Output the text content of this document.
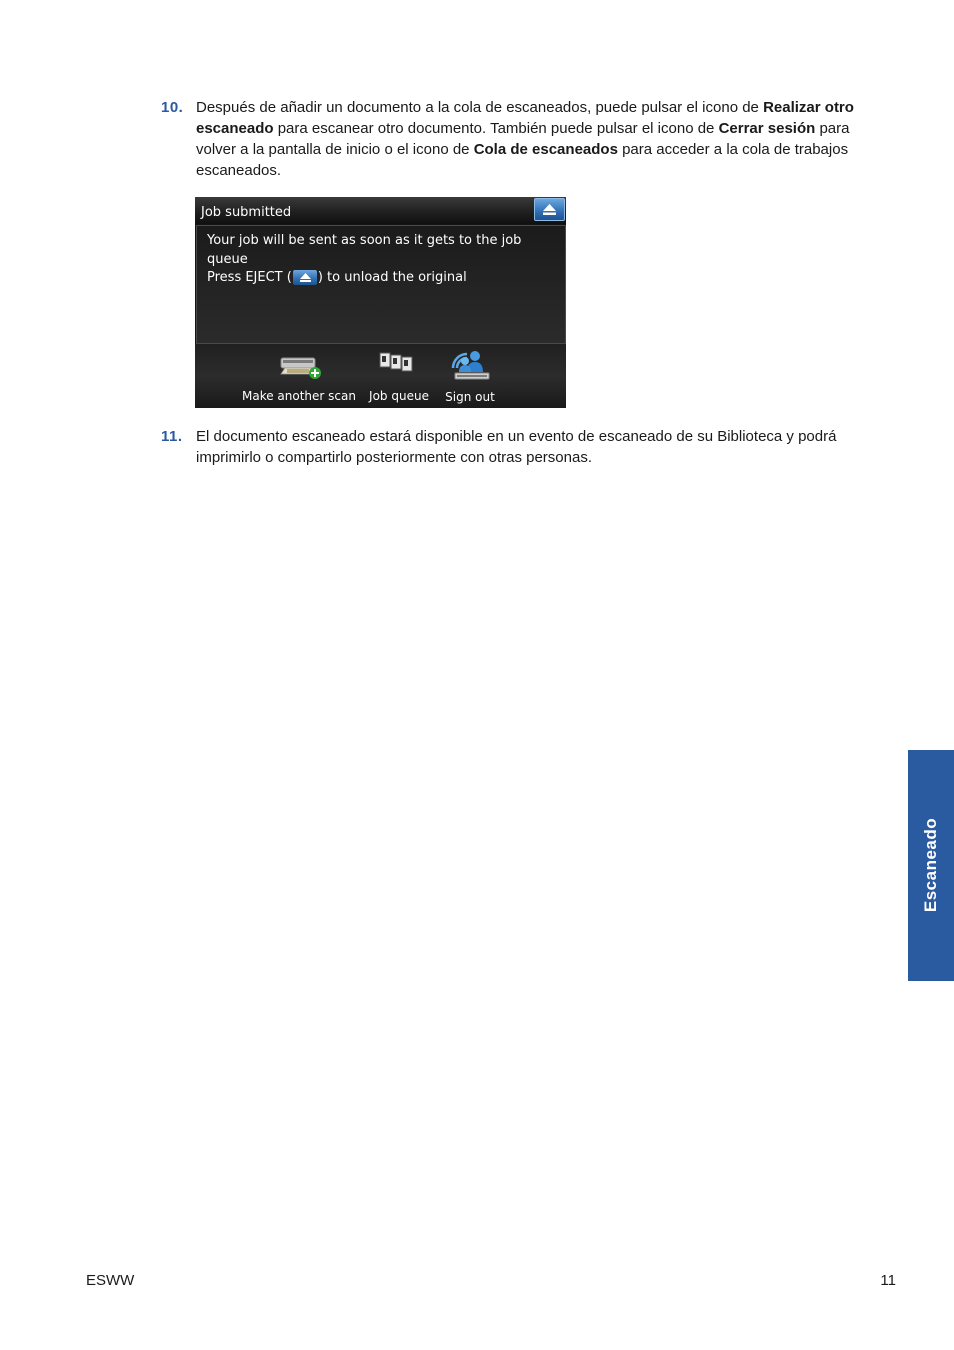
10. Después de añadir un documento a la cola de escaneados, puede pulsar el icono de Realizar otro escaneado para escanear otro documento. También puede pulsar el icono de Cerrar sesión para volver a la pantalla de inicio o el icono de Cola de escaneados para acceder a la cola de trabajos escaneados.
Job submitted
Your job will be sent as soon as it gets to the job
queue
Press EJECT ( ) to unload the original
Make another scan	Job queue	Sign out
11. El documento escaneado estará disponible en un evento de escaneado de su Biblioteca y podrá imprimirlo o compartirlo posteriormente con otras personas.
Escaneado
ESWW	11
